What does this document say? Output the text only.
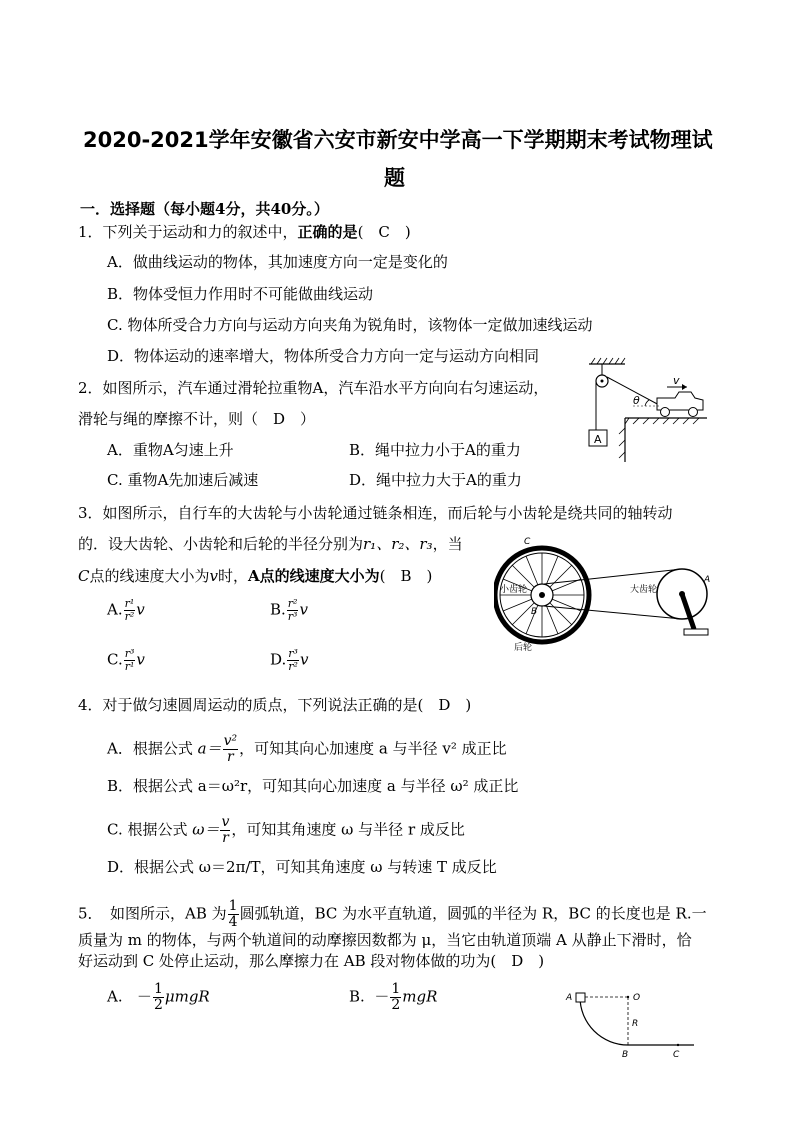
2020-2021学年安徽省六安市新安中学高一下学期期末考试物理试
题
一．选择题（每小题4分，共40分。）
1．下列关于运动和力的叙述中，正确的是(　C　)
A．做曲线运动的物体，其加速度方向一定是变化的
B．物体受恒力作用时不可能做曲线运动
C. 物体所受合力方向与运动方向夹角为锐角时，该物体一定做加速线运动
D．物体运动的速率增大，物体所受合力方向一定与运动方向相同
2．如图所示，汽车通过滑轮拉重物A，汽车沿水平方向向右匀速运动，
滑轮与绳的摩擦不计，则（　D　）
A．重物A匀速上升	B．绳中拉力小于A的重力
C. 重物A先加速后减速	D．绳中拉力大于A的重力
A
v
θ
3．如图所示，自行车的大齿轮与小齿轮通过链条相连，而后轮与小齿轮是绕共同的轴转动
的．设大齿轮、小齿轮和后轮的半径分别为r₁、r₂、r₃，当
C点的线速度大小为v时，A点的线速度大小为(　B　)
A. $\frac{\text{r¹}}{\text{r²}}$ v	B. $\frac{\text{r²}}{\text{r³}}$ v
C. $\frac{\text{r³}}{\text{r¹}}$ v	D. $\frac{\text{r³}}{\text{r²}}$ v
C
小齿轮	大齿轮
B
A
后轮
4．对于做匀速圆周运动的质点，下列说法正确的是(　D　)
A．根据公式 $a= \frac{\text{v²}}{r}$ ，可知其向心加速度 a 与半径 v² 成正比
B．根据公式 a＝ω²r，可知其向心加速度 a 与半径 ω² 成正比
C. 根据公式 $\omega= \frac{v}{r}$ ，可知其角速度 ω 与半径 r 成反比
D．根据公式 ω＝2π/T，可知其角速度 ω 与转速 T 成反比
5．　如图所示，AB 为 $\frac{1}{4}$ 圆弧轨道，BC 为水平直轨道，圆弧的半径为 R，BC 的长度也是 R.一
质量为 m 的物体，与两个轨道间的动摩擦因数都为 μ，当它由轨道顶端 A 从静止下滑时，恰
好运动到 C 处停止运动，那么摩擦力在 AB 段对物体做的功为(　D　)
A. － $\frac{1}{2}$ μmgR	B. － $\frac{1}{2}$ mgR	A	O
R
B	C
